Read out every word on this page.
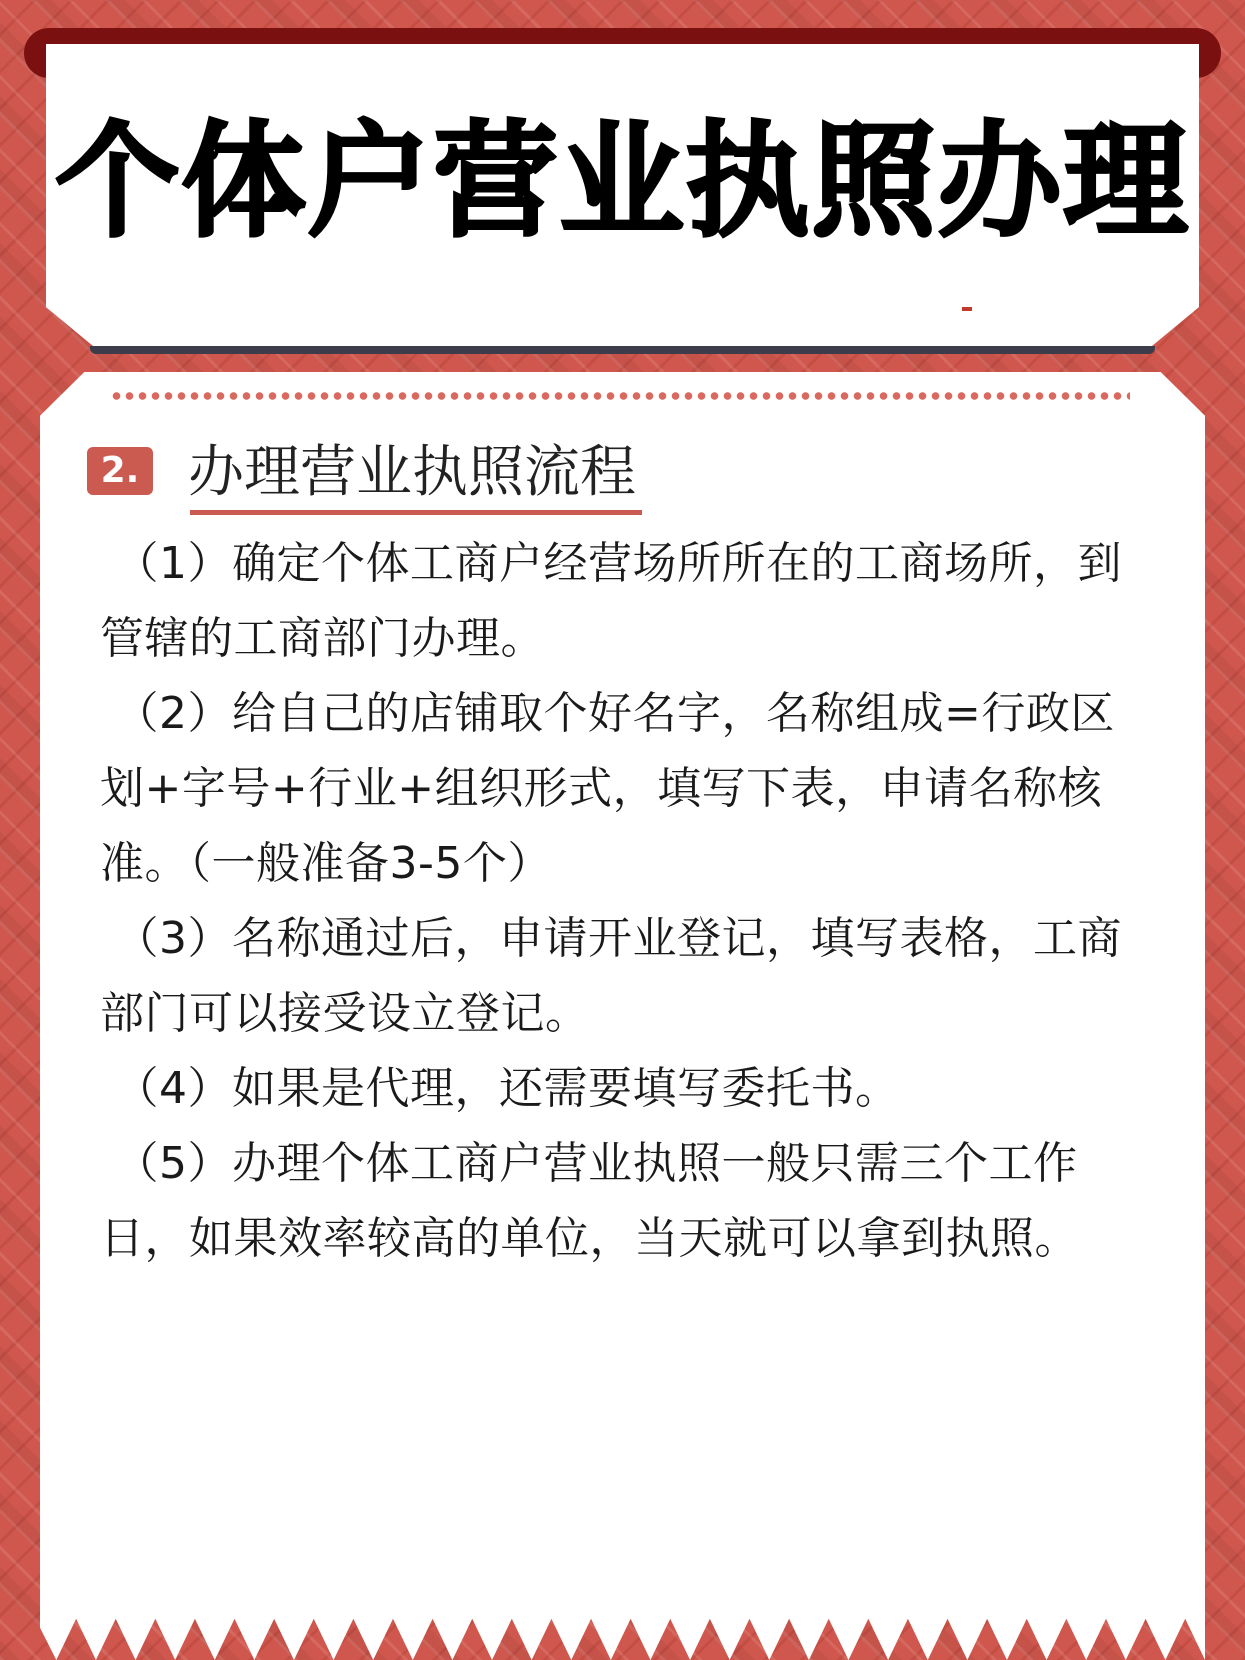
个体户营业执照办理
2. 办理营业执照流程

（1）确定个体工商户经营场所所在的工商场所，到管辖的工商部门办理。

（2）给自己的店铺取个好名字，名称组成=行政区划+字号+行业+组织形式，填写下表，申请名称核准。（一般准备3-5个）

（3）名称通过后，申请开业登记，填写表格，工商部门可以接受设立登记。

（4）如果是代理，还需要填写委托书。

（5）办理个体工商户营业执照一般只需三个工作日，如果效率较高的单位，当天就可以拿到执照。
